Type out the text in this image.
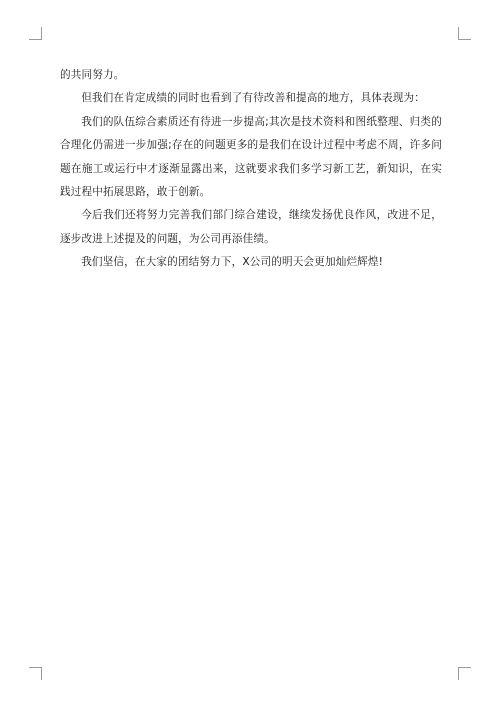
的共同努力。

但我们在肯定成绩的同时也看到了有待改善和提高的地方，具体表现为：

我们的队伍综合素质还有待进一步提高;其次是技术资料和图纸整理、归类的合理化仍需进一步加强;存在的问题更多的是我们在设计过程中考虑不周，许多问题在施工或运行中才逐渐显露出来，这就要求我们多学习新工艺，新知识，在实践过程中拓展思路，敢于创新。

今后我们还将努力完善我们部门综合建设，继续发扬优良作风，改进不足，逐步改进上述提及的问题，为公司再添佳绩。

我们坚信，在大家的团结努力下，X公司的明天会更加灿烂辉煌!
